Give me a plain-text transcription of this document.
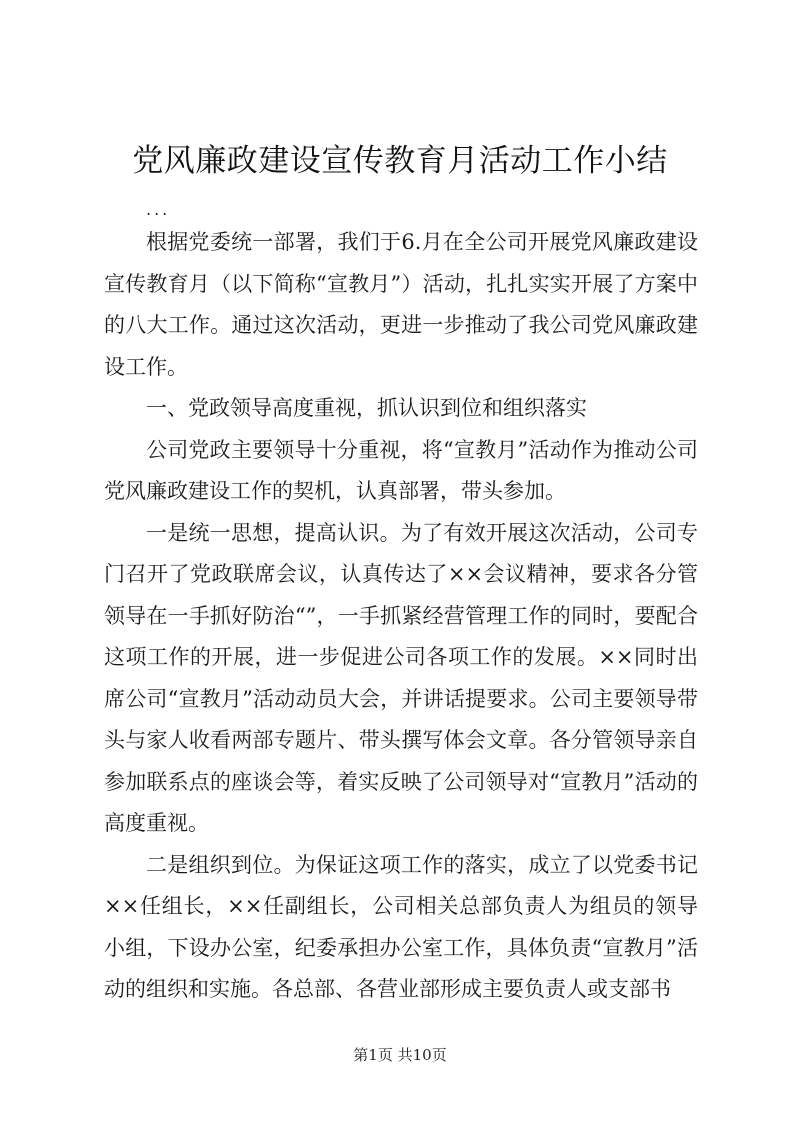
党风廉政建设宣传教育月活动工作小结
...

根据党委统一部署，我们于6.月在全公司开展党风廉政建设宣传教育月（以下简称“宣教月”）活动，扎扎实实开展了方案中的八大工作。通过这次活动，更进一步推动了我公司党风廉政建设工作。

一、党政领导高度重视，抓认识到位和组织落实

公司党政主要领导十分重视，将“宣教月”活动作为推动公司党风廉政建设工作的契机，认真部署，带头参加。

一是统一思想，提高认识。为了有效开展这次活动，公司专门召开了党政联席会议，认真传达了××会议精神，要求各分管领导在一手抓好防治“”，一手抓紧经营管理工作的同时，要配合这项工作的开展，进一步促进公司各项工作的发展。××同时出席公司“宣教月”活动动员大会，并讲话提要求。公司主要领导带头与家人收看两部专题片、带头撰写体会文章。各分管领导亲自参加联系点的座谈会等，着实反映了公司领导对“宣教月”活动的高度重视。

二是组织到位。为保证这项工作的落实，成立了以党委书记××任组长，××任副组长，公司相关总部负责人为组员的领导小组，下设办公室，纪委承担办公室工作，具体负责“宣教月”活动的组织和实施。各总部、各营业部形成主要负责人或支部书

第1页 共10页
